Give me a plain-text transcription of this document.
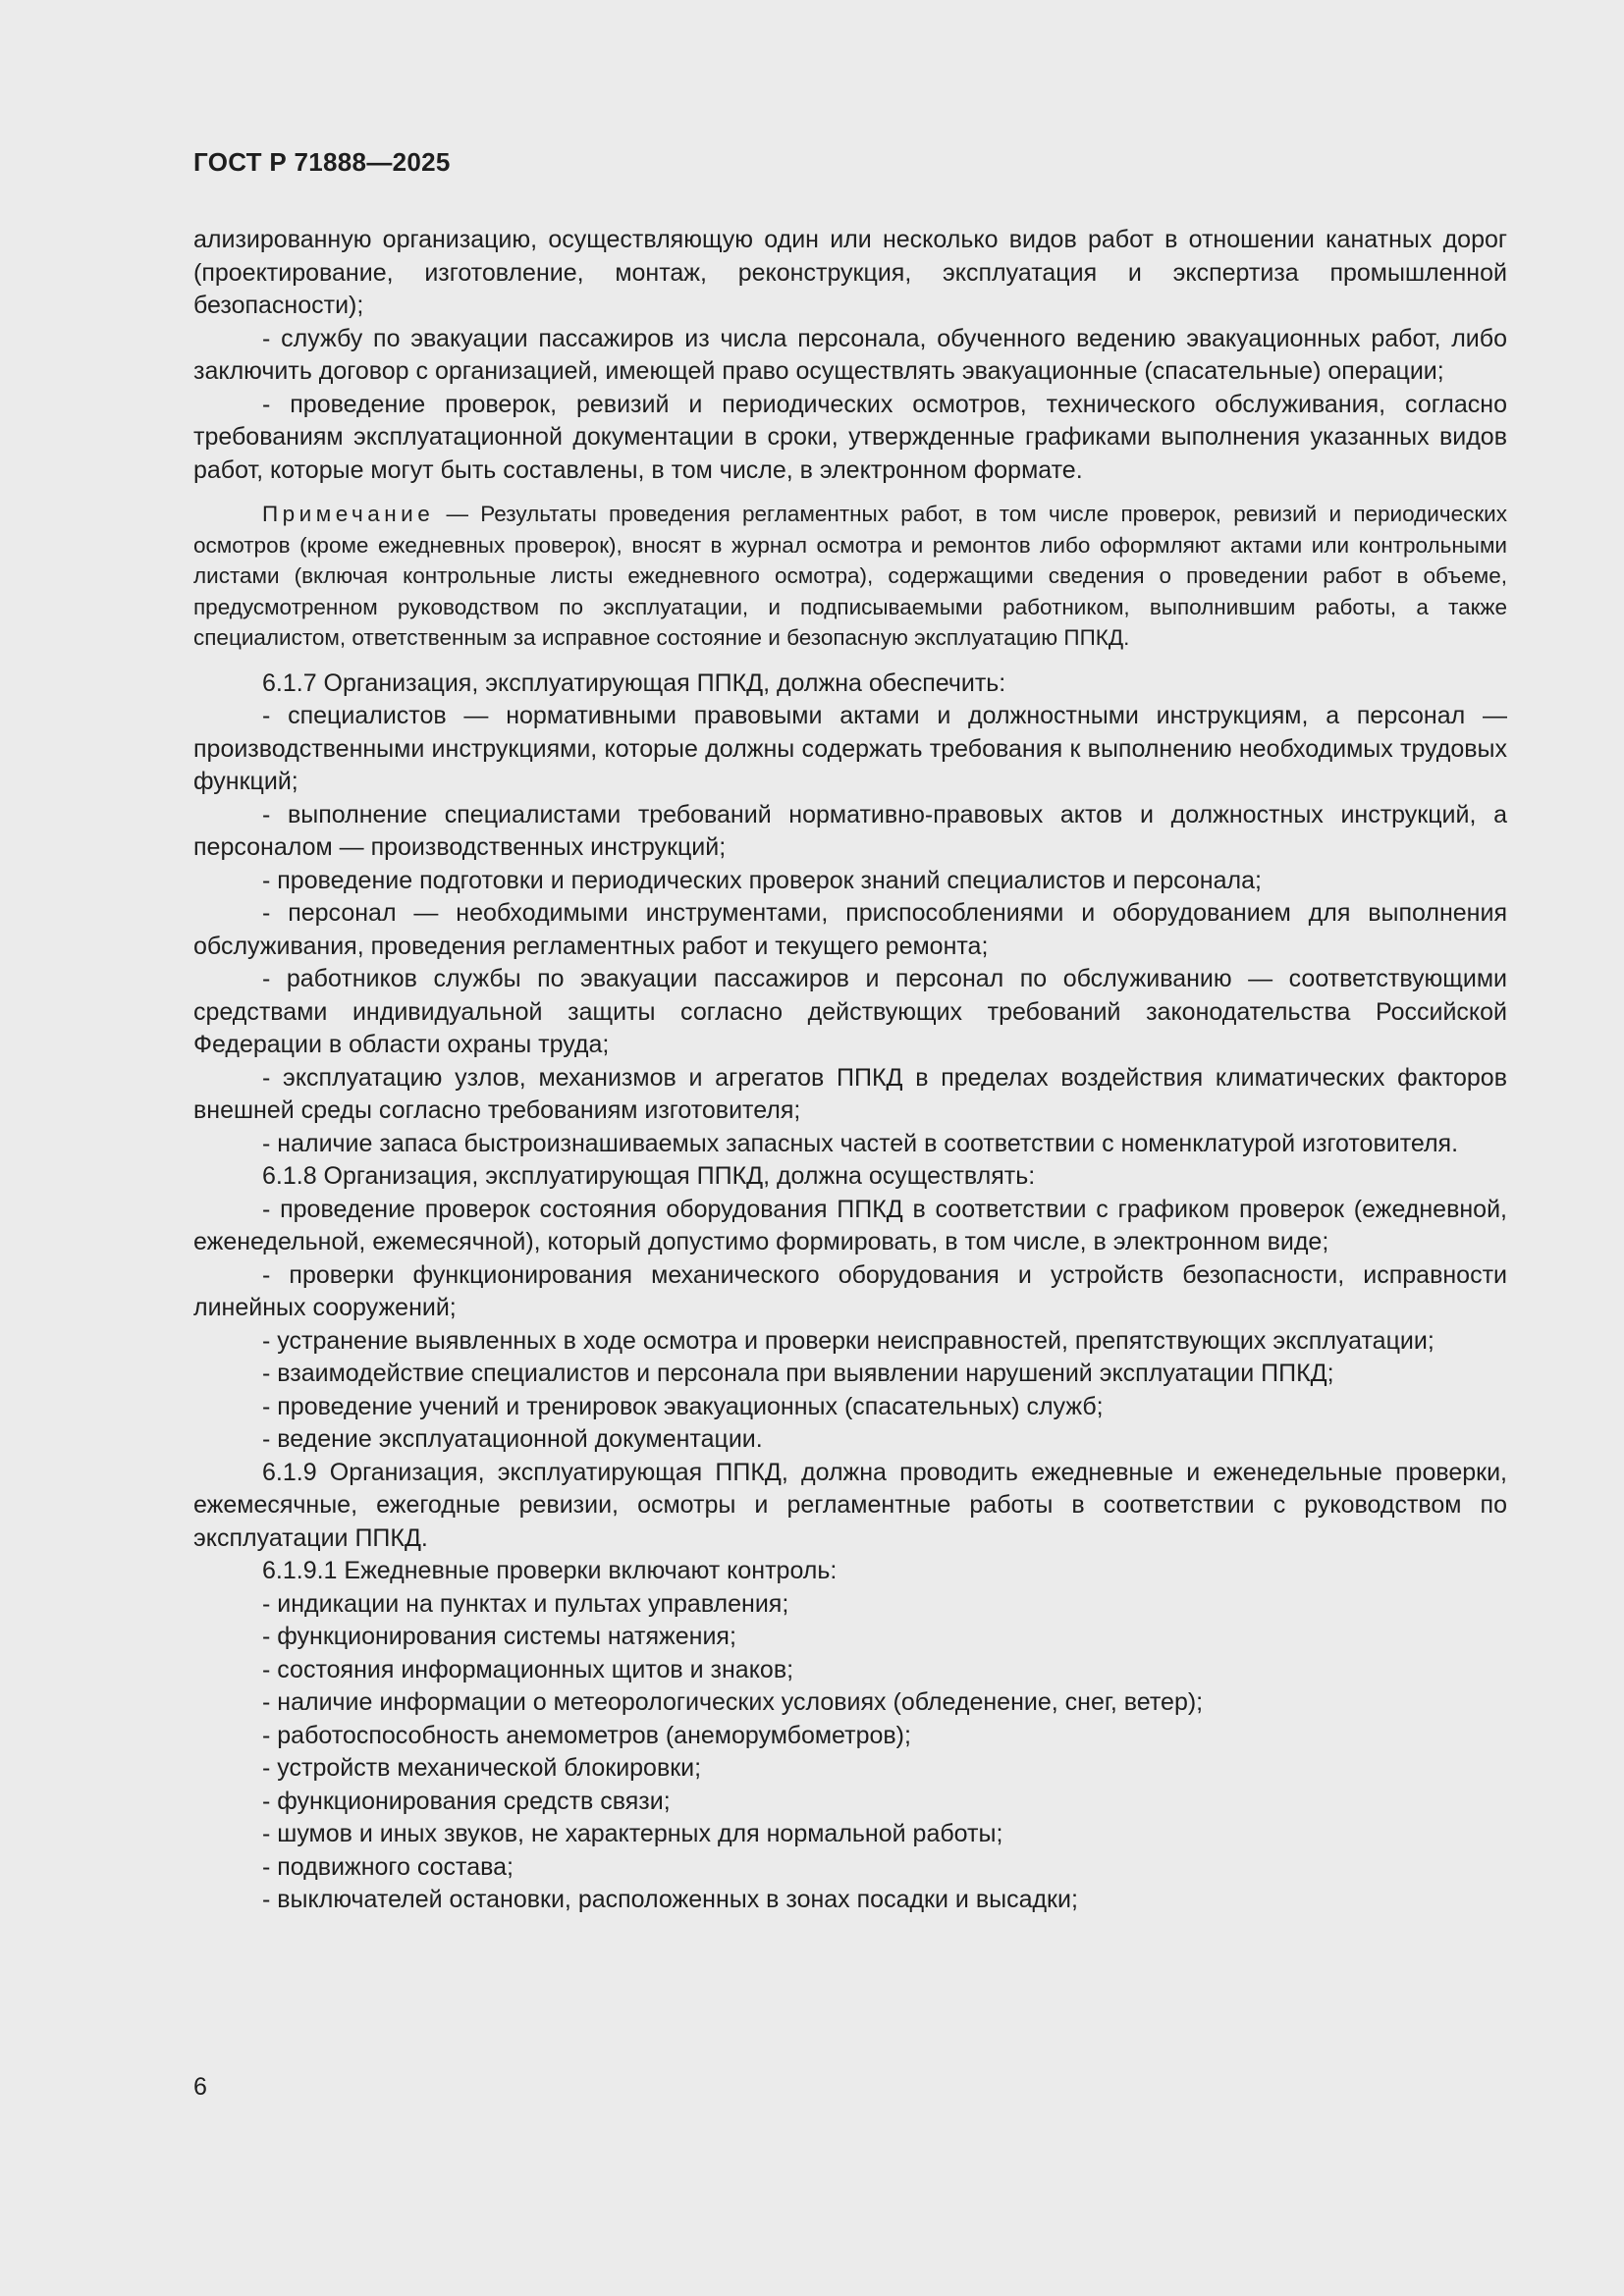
ГОСТ Р 71888—2025

ализированную организацию, осуществляющую один или несколько видов работ в отношении канатных дорог (проектирование, изготовление, монтаж, реконструкция, эксплуатация и экспертиза промышленной безопасности);

- службу по эвакуации пассажиров из числа персонала, обученного ведению эвакуационных работ, либо заключить договор с организацией, имеющей право осуществлять эвакуационные (спасательные) операции;

- проведение проверок, ревизий и периодических осмотров, технического обслуживания, согласно требованиям эксплуатационной документации в сроки, утвержденные графиками выполнения указанных видов работ, которые могут быть составлены, в том числе, в электронном формате.

Примечание — Результаты проведения регламентных работ, в том числе проверок, ревизий и периодических осмотров (кроме ежедневных проверок), вносят в журнал осмотра и ремонтов либо оформляют актами или контрольными листами (включая контрольные листы ежедневного осмотра), содержащими сведения о проведении работ в объеме, предусмотренном руководством по эксплуатации, и подписываемыми работником, выполнившим работы, а также специалистом, ответственным за исправное состояние и безопасную эксплуатацию ППКД.

6.1.7 Организация, эксплуатирующая ППКД, должна обеспечить:

- специалистов — нормативными правовыми актами и должностными инструкциям, а персонал — производственными инструкциями, которые должны содержать требования к выполнению необходимых трудовых функций;

- выполнение специалистами требований нормативно-правовых актов и должностных инструкций, а персоналом — производственных инструкций;

- проведение подготовки и периодических проверок знаний специалистов и персонала;

- персонал — необходимыми инструментами, приспособлениями и оборудованием для выполнения обслуживания, проведения регламентных работ и текущего ремонта;

- работников службы по эвакуации пассажиров и персонал по обслуживанию — соответствующими средствами индивидуальной защиты согласно действующих требований законодательства Российской Федерации в области охраны труда;

- эксплуатацию узлов, механизмов и агрегатов ППКД в пределах воздействия климатических факторов внешней среды согласно требованиям изготовителя;

- наличие запаса быстроизнашиваемых запасных частей в соответствии с номенклатурой изготовителя.

6.1.8 Организация, эксплуатирующая ППКД, должна осуществлять:

- проведение проверок состояния оборудования ППКД в соответствии с графиком проверок (ежедневной, еженедельной, ежемесячной), который допустимо формировать, в том числе, в электронном виде;

- проверки функционирования механического оборудования и устройств безопасности, исправности линейных сооружений;

- устранение выявленных в ходе осмотра и проверки неисправностей, препятствующих эксплуатации;

- взаимодействие специалистов и персонала при выявлении нарушений эксплуатации ППКД;

- проведение учений и тренировок эвакуационных (спасательных) служб;

- ведение эксплуатационной документации.

6.1.9 Организация, эксплуатирующая ППКД, должна проводить ежедневные и еженедельные проверки, ежемесячные, ежегодные ревизии, осмотры и регламентные работы в соответствии с руководством по эксплуатации ППКД.

6.1.9.1 Ежедневные проверки включают контроль:

- индикации на пунктах и пультах управления;

- функционирования системы натяжения;

- состояния информационных щитов и знаков;

- наличие информации о метеорологических условиях (обледенение, снег, ветер);

- работоспособность анемометров (анеморумбометров);

- устройств механической блокировки;

- функционирования средств связи;

- шумов и иных звуков, не характерных для нормальной работы;

- подвижного состава;

- выключателей остановки, расположенных в зонах посадки и высадки;

6
